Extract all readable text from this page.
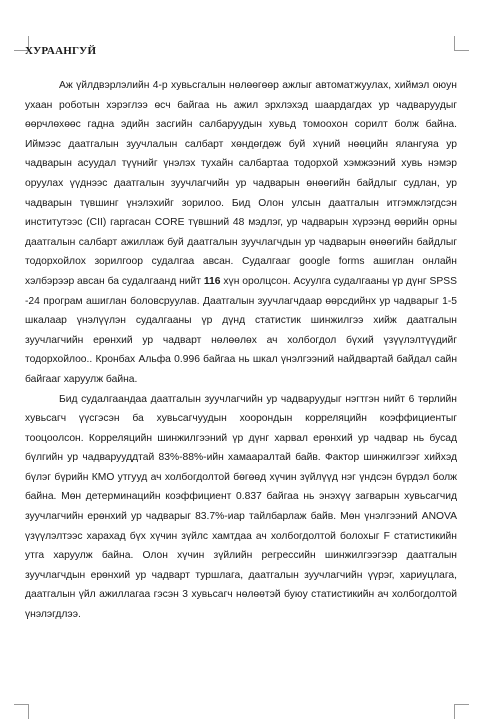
ХУРААНГУЙ

Аж үйлдвэрлэлийн 4-р хувьсгалын нөлөөгөөр ажлыг автоматжуулах, хиймэл оюун ухаан роботын хэрэглээ өсч байгаа нь ажил эрхлэхэд шаардагдах ур чадваруудыг өөрчлөхөөс гадна эдийн засгийн салбаруудын хувьд томоохон сорилт болж байна. Иймээс даатгалын зуучлалын салбарт хөндөгдөж буй хүний нөөцийн ялангуяа ур чадварын асуудал түүнийг үнэлэх тухайн салбартаа тодорхой хэмжээний хувь нэмэр оруулах үүднээс даатгалын зуучлагчийн ур чадварын өнөөгийн байдлыг судлан, ур чадварын түвшинг үнэлэхийг зорилоо. Бид Олон улсын даатгалын итгэмжлэгдсэн институтээс (CII) гаргасан CORE түвшний 48 мэдлэг, ур чадварын хүрээнд өөрийн орны даатгалын салбарт ажиллаж буй даатгалын зуучлагчдын ур чадварын өнөөгийн байдлыг тодорхойлох зорилгоор судалгаа авсан. Судалгааг google forms ашиглан онлайн хэлбэрээр авсан ба судалгаанд нийт 116 хүн оролцсон. Асуулга судалгааны үр дүнг SPSS -24 програм ашиглан боловсруулав. Даатгалын зуучлагчдаар өөрсдийнх ур чадварыг 1-5 шкалаар үнэлүүлэн судалгааны үр дүнд статистик шинжилгээ хийж даатгалын зуучлагчийн ерөнхий ур чадварт нөлөөлөх ач холбогдол бүхий үзүүлэлтүүдийг тодорхойлоо.. Кронбах Альфа 0.996 байгаа нь шкал үнэлгээний найдвартай байдал сайн байгааг харуулж байна.

Бид судалгаандаа даатгалын зуучлагчийн ур чадваруудыг нэгтгэн нийт 6 төрлийн хувьсагч үүсгэсэн ба хувьсагчуудын хоорондын корреляцийн коэффициентыг тооцоолсон. Корреляцийн шинжилгээний үр дүнг харвал ерөнхий ур чадвар нь бусад бүлгийн ур чадварууддтай 83%-88%-ийн хамааралтай байв. Фактор шинжилгээг хийхэд бүлэг бүрийн КМО утгууд ач холбогдолтой бөгөөд хүчин зүйлүүд нэг үндсэн бүрдэл болж байна. Мөн детерминацийн коэффициент 0.837 байгаа нь энэхүү загварын хувьсагчид зуучлагчийн ерөнхий ур чадварыг 83.7%-иар тайлбарлаж байв. Мөн үнэлгээний ANOVA үзүүлэлтээс харахад бүх хүчин зүйлс хамтдаа ач холбогдолтой болохыг F статистикийн утга харуулж байна. Олон хүчин зүйлийн регрессийн шинжилгээгээр даатгалын зуучлагчдын ерөнхий ур чадварт туршлага, даатгалын зуучлагчийн үүрэг, хариуцлага, даатгалын үйл ажиллагаа гэсэн 3 хувьсагч нөлөөтэй буюу статистикийн ач холбогдолтой үнэлэгдлээ.
